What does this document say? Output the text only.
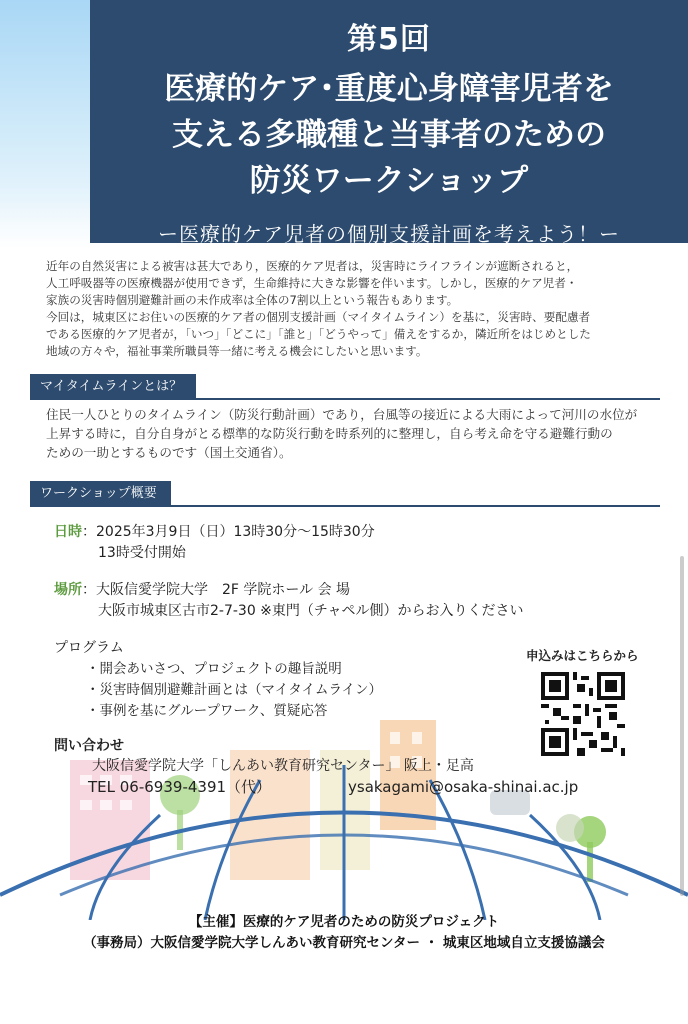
第5回
医療的ケア･重度心身障害児者を
支える多職種と当事者のための
防災ワークショップ
ー医療的ケア児者の個別支援計画を考えよう！ー

近年の自然災害による被害は甚大であり，医療的ケア児者は，災害時にライフラインが遮断されると，

人工呼吸器等の医療機器が使用できず，生命維持に大きな影響を伴います。しかし，医療的ケア児者・

家族の災害時個別避難計画の未作成率は全体の7割以上という報告もあります。

今回は，城東区にお住いの医療的ケア者の個別支援計画（マイタイムライン）を基に，災害時、要配慮者

である医療的ケア児者が，「いつ」「どこに」「誰と」「どうやって」備えをするか，隣近所をはじめとした

地域の方々や，福祉事業所職員等一緒に考える機会にしたいと思います。

マイタイムラインとは？
住民一人ひとりのタイムライン（防災行動計画）であり，台風等の接近による大雨によって河川の水位が
上昇する時に，自分自身がとる標準的な防災行動を時系列的に整理し，自ら考え命を守る避難行動の
ための一助とするものです（国土交通省）。
ワークショップ概要
日時：2025年3月9日（日）13時30分～15時30分
13時受付開始
場所：大阪信愛学院大学　2F 学院ホール 会 場
大阪市城東区古市2-7-30 ※東門（チャペル側）からお入りください
プログラム
・開会あいさつ、プロジェクトの趣旨説明
・災害時個別避難計画とは（マイタイムライン）
・事例を基にグループワーク、質疑応答
問い合わせ
大阪信愛学院大学「しんあい教育研究センター」 阪上・足高
TEL 06-6939-4391（代）	ysakagami@osaka-shinai.ac.jp
申込みはこちらから
【主催】医療的ケア児者のための防災プロジェクト
（事務局）大阪信愛学院大学しんあい教育研究センター ・ 城東区地域自立支援協議会
